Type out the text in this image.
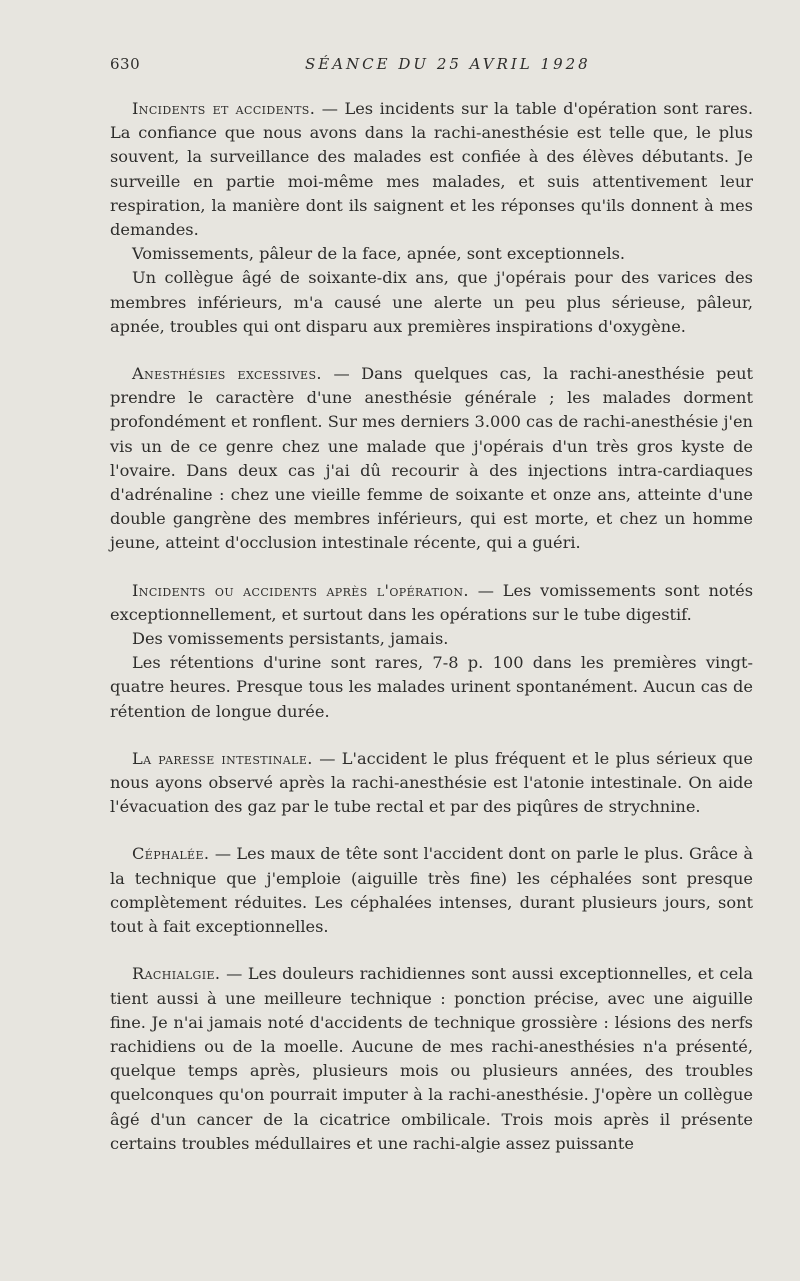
630	SÉANCE DU 25 AVRIL 1928

Incidents et accidents. — Les incidents sur la table d'opération sont rares. La confiance que nous avons dans la rachi-anesthésie est telle que, le plus souvent, la surveillance des malades est confiée à des élèves débutants. Je surveille en partie moi-même mes malades, et suis attentivement leur respiration, la manière dont ils saignent et les réponses qu'ils donnent à mes demandes.

Vomissements, pâleur de la face, apnée, sont exceptionnels.

Un collègue âgé de soixante-dix ans, que j'opérais pour des varices des membres inférieurs, m'a causé une alerte un peu plus sérieuse, pâleur, apnée, troubles qui ont disparu aux premières inspirations d'oxygène.

Anesthésies excessives. — Dans quelques cas, la rachi-anesthésie peut prendre le caractère d'une anesthésie générale ; les malades dorment profondément et ronflent. Sur mes derniers 3.000 cas de rachi-anesthésie j'en vis un de ce genre chez une malade que j'opérais d'un très gros kyste de l'ovaire. Dans deux cas j'ai dû recourir à des injections intra-cardiaques d'adrénaline : chez une vieille femme de soixante et onze ans, atteinte d'une double gangrène des membres inférieurs, qui est morte, et chez un homme jeune, atteint d'occlusion intestinale récente, qui a guéri.

Incidents ou accidents après l'opération. — Les vomissements sont notés exceptionnellement, et surtout dans les opérations sur le tube digestif.

Des vomissements persistants, jamais.

Les rétentions d'urine sont rares, 7-8 p. 100 dans les premières vingt-quatre heures. Presque tous les malades urinent spontanément. Aucun cas de rétention de longue durée.

La paresse intestinale. — L'accident le plus fréquent et le plus sérieux que nous ayons observé après la rachi-anesthésie est l'atonie intestinale. On aide l'évacuation des gaz par le tube rectal et par des piqûres de strychnine.

Céphalée. — Les maux de tête sont l'accident dont on parle le plus. Grâce à la technique que j'emploie (aiguille très fine) les céphalées sont presque complètement réduites. Les céphalées intenses, durant plusieurs jours, sont tout à fait exceptionnelles.

Rachialgie. — Les douleurs rachidiennes sont aussi exceptionnelles, et cela tient aussi à une meilleure technique : ponction précise, avec une aiguille fine. Je n'ai jamais noté d'accidents de technique grossière : lésions des nerfs rachidiens ou de la moelle. Aucune de mes rachi-anesthésies n'a présenté, quelque temps après, plusieurs mois ou plusieurs années, des troubles quelconques qu'on pourrait imputer à la rachi-anesthésie. J'opère un collègue âgé d'un cancer de la cicatrice ombilicale. Trois mois après il présente certains troubles médullaires et une rachi-algie assez puissante
